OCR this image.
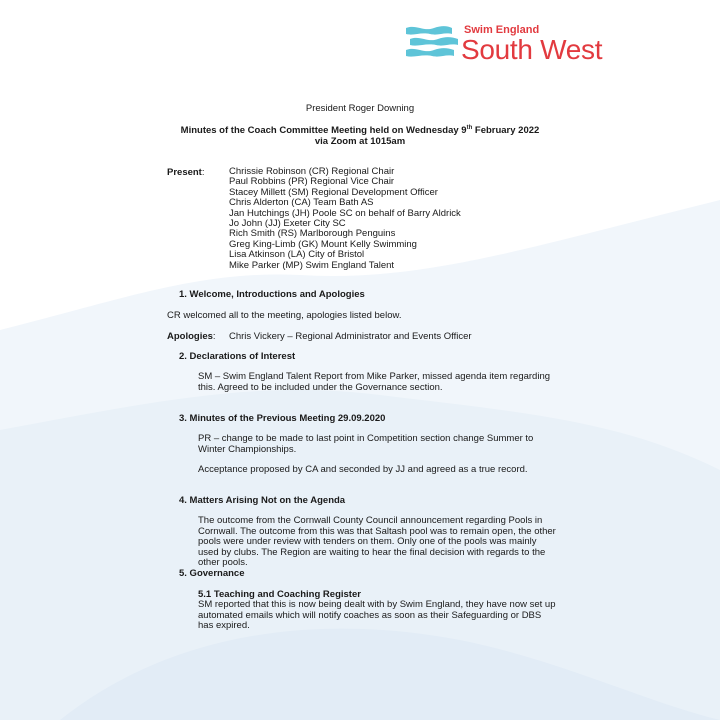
Swim England
South West
President Roger Downing
Minutes of the Coach Committee Meeting held on Wednesday 9th February 2022
via Zoom at 1015am
Present:	Chrissie Robinson (CR) Regional Chair
Paul Robbins (PR) Regional Vice Chair
Stacey Millett (SM) Regional Development Officer
Chris Alderton (CA) Team Bath AS
Jan Hutchings (JH) Poole SC on behalf of Barry Aldrick
Jo John (JJ) Exeter City SC
Rich Smith (RS) Marlborough Penguins
Greg King-Limb (GK) Mount Kelly Swimming
Lisa Atkinson (LA) City of Bristol
Mike Parker (MP) Swim England Talent
1. Welcome, Introductions and Apologies
CR welcomed all to the meeting, apologies listed below.
Apologies: Chris Vickery – Regional Administrator and Events Officer
2. Declarations of Interest
SM – Swim England Talent Report from Mike Parker, missed agenda item regarding this. Agreed to be included under the Governance section.
3. Minutes of the Previous Meeting 29.09.2020
PR – change to be made to last point in Competition section change Summer to Winter Championships.
Acceptance proposed by CA and seconded by JJ and agreed as a true record.
4. Matters Arising Not on the Agenda
The outcome from the Cornwall County Council announcement regarding Pools in Cornwall. The outcome from this was that Saltash pool was to remain open, the other pools were under review with tenders on them. Only one of the pools was mainly used by clubs. The Region are waiting to hear the final decision with regards to the other pools.
5. Governance
5.1 Teaching and Coaching Register
SM reported that this is now being dealt with by Swim England, they have now set up automated emails which will notify coaches as soon as their Safeguarding or DBS has expired.
